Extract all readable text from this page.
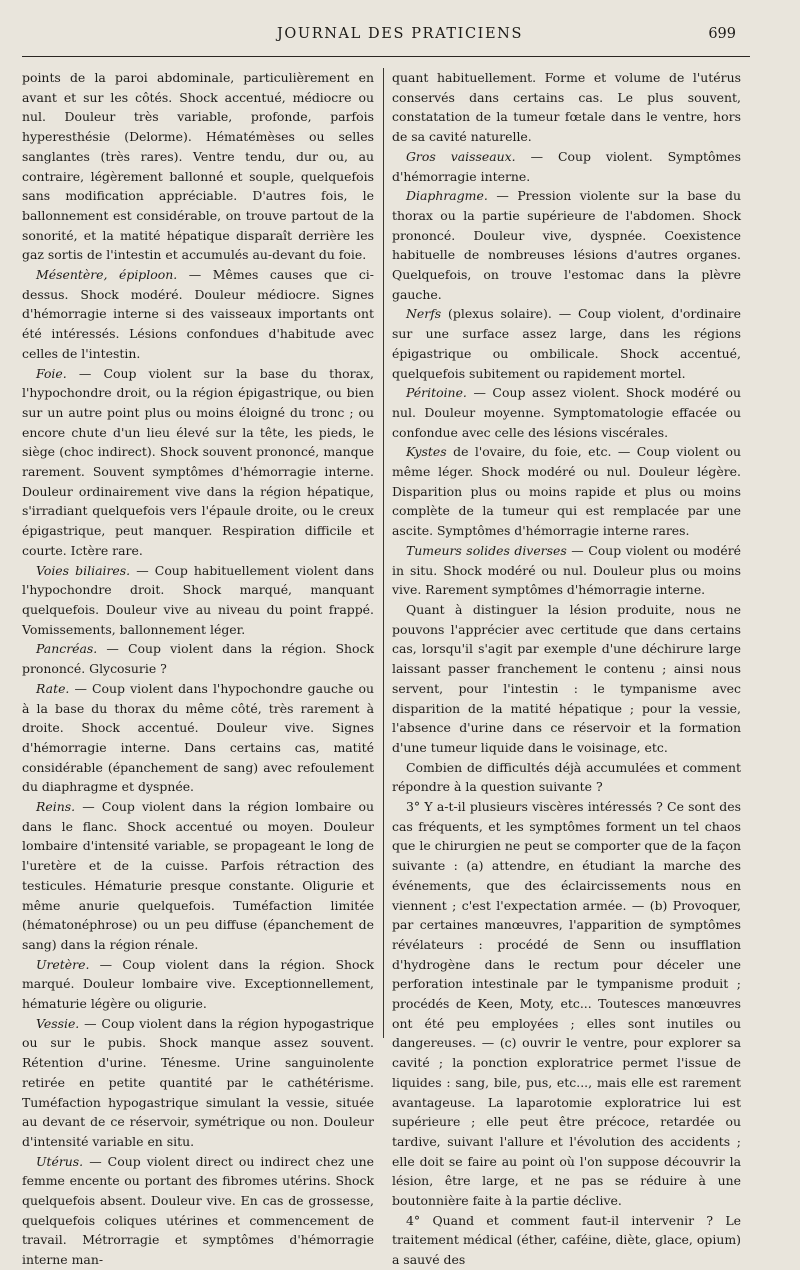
JOURNAL DES PRATICIENS	699

points de la paroi abdominale, particulièrement en avant et sur les côtés. Shock accentué, médiocre ou nul. Douleur très variable, profonde, parfois hyperesthésie (Delorme). Hématémèses ou selles sanglantes (très rares). Ventre tendu, dur ou, au contraire, légèrement ballonné et souple, quelquefois sans modification appréciable. D'autres fois, le ballonnement est considérable, on trouve partout de la sonorité, et la matité hépatique disparaît derrière les gaz sortis de l'intestin et accumulés au-devant du foie.

Mésentère, épiploon. — Mêmes causes que ci-dessus. Shock modéré. Douleur médiocre. Signes d'hémorragie interne si des vaisseaux importants ont été intéressés. Lésions confondues d'habitude avec celles de l'intestin.

Foie. — Coup violent sur la base du thorax, l'hypochondre droit, ou la région épigastrique, ou bien sur un autre point plus ou moins éloigné du tronc ; ou encore chute d'un lieu élevé sur la tête, les pieds, le siège (choc indirect). Shock souvent prononcé, manque rarement. Souvent symptômes d'hémorragie interne. Douleur ordinairement vive dans la région hépatique, s'irradiant quelquefois vers l'épaule droite, ou le creux épigastrique, peut manquer. Respiration difficile et courte. Ictère rare.

Voies biliaires. — Coup habituellement violent dans l'hypochondre droit. Shock marqué, manquant quelquefois. Douleur vive au niveau du point frappé. Vomissements, ballonnement léger.

Pancréas. — Coup violent dans la région. Shock prononcé. Glycosurie ?

Rate. — Coup violent dans l'hypochondre gauche ou à la base du thorax du même côté, très rarement à droite. Shock accentué. Douleur vive. Signes d'hémorragie interne. Dans certains cas, matité considérable (épanchement de sang) avec refoulement du diaphragme et dyspnée.

Reins. — Coup violent dans la région lombaire ou dans le flanc. Shock accentué ou moyen. Douleur lombaire d'intensité variable, se propageant le long de l'uretère et de la cuisse. Parfois rétraction des testicules. Hématurie presque constante. Oligurie et même anurie quelquefois. Tuméfaction limitée (hématonéphrose) ou un peu diffuse (épanchement de sang) dans la région rénale.

Uretère. — Coup violent dans la région. Shock marqué. Douleur lombaire vive. Exceptionnellement, hématurie légère ou oligurie.

Vessie. — Coup violent dans la région hypogastrique ou sur le pubis. Shock manque assez souvent. Rétention d'urine. Ténesme. Urine sanguinolente retirée en petite quantité par le cathétérisme. Tuméfaction hypogastrique simulant la vessie, située au devant de ce réservoir, symétrique ou non. Douleur d'intensité variable en situ.

Utérus. — Coup violent direct ou indirect chez une femme encente ou portant des fibromes utérins. Shock quelquefois absent. Douleur vive. En cas de grossesse, quelquefois coliques utérines et commencement de travail. Métrorragie et symptômes d'hémorragie interne man-

quant habituellement. Forme et volume de l'utérus conservés dans certains cas. Le plus souvent, constatation de la tumeur fœtale dans le ventre, hors de sa cavité naturelle.

Gros vaisseaux. — Coup violent. Symptômes d'hémorragie interne.

Diaphragme. — Pression violente sur la base du thorax ou la partie supérieure de l'abdomen. Shock prononcé. Douleur vive, dyspnée. Coexistence habituelle de nombreuses lésions d'autres organes. Quelquefois, on trouve l'estomac dans la plèvre gauche.

Nerfs (plexus solaire). — Coup violent, d'ordinaire sur une surface assez large, dans les régions épigastrique ou ombilicale. Shock accentué, quelquefois subitement ou rapidement mortel.

Péritoine. — Coup assez violent. Shock modéré ou nul. Douleur moyenne. Symptomatologie effacée ou confondue avec celle des lésions viscérales.

Kystes de l'ovaire, du foie, etc. — Coup violent ou même léger. Shock modéré ou nul. Douleur légère. Disparition plus ou moins rapide et plus ou moins complète de la tumeur qui est remplacée par une ascite. Symptômes d'hémorragie interne rares.

Tumeurs solides diverses — Coup violent ou modéré in situ. Shock modéré ou nul. Douleur plus ou moins vive. Rarement symptômes d'hémorragie interne.

Quant à distinguer la lésion produite, nous ne pouvons l'apprécier avec certitude que dans certains cas, lorsqu'il s'agit par exemple d'une déchirure large laissant passer franchement le contenu ; ainsi nous servent, pour l'intestin : le tympanisme avec disparition de la matité hépatique ; pour la vessie, l'absence d'urine dans ce réservoir et la formation d'une tumeur liquide dans le voisinage, etc.

Combien de difficultés déjà accumulées et comment répondre à la question suivante ?

3° Y a-t-il plusieurs viscères intéressés ? Ce sont des cas fréquents, et les symptômes forment un tel chaos que le chirurgien ne peut se comporter que de la façon suivante : (a) attendre, en étudiant la marche des événements, que des éclaircissements nous en viennent ; c'est l'expectation armée. — (b) Provoquer, par certaines manœuvres, l'apparition de symptômes révélateurs : procédé de Senn ou insufflation d'hydrogène dans le rectum pour déceler une perforation intestinale par le tympanisme produit ; procédés de Keen, Moty, etc... Toutesces manœuvres ont été peu employées ; elles sont inutiles ou dangereuses. — (c) ouvrir le ventre, pour explorer sa cavité ; la ponction exploratrice permet l'issue de liquides : sang, bile, pus, etc..., mais elle est rarement avantageuse. La laparotomie exploratrice lui est supérieure ; elle peut être précoce, retardée ou tardive, suivant l'allure et l'évolution des accidents ; elle doit se faire au point où l'on suppose découvrir la lésion, être large, et ne pas se réduire à une boutonnière faite à la partie déclive.

4° Quand et comment faut-il intervenir ? Le traitement médical (éther, caféine, diète, glace, opium) a sauvé des
